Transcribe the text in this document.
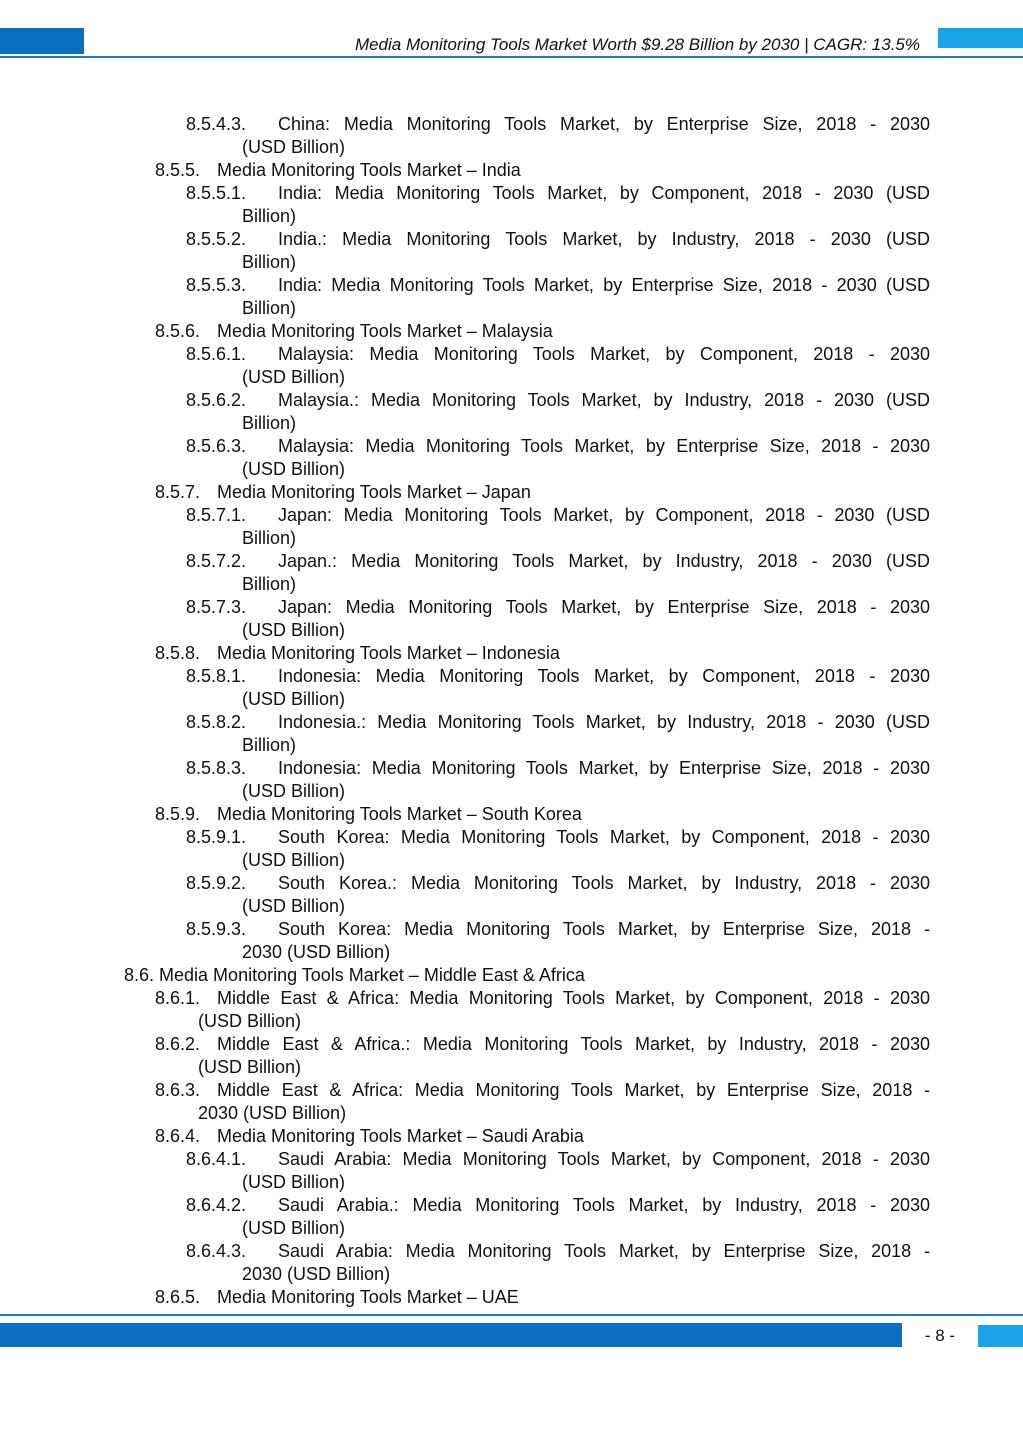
Media Monitoring Tools Market Worth $9.28 Billion by 2030 | CAGR: 13.5%
8.5.4.3.	China: Media Monitoring Tools Market, by Enterprise Size, 2018 - 2030
(USD Billion)
8.5.5. Media Monitoring Tools Market – India
8.5.5.1.	India: Media Monitoring Tools Market, by Component, 2018 - 2030 (USD
Billion)
8.5.5.2.	India.: Media Monitoring Tools Market, by Industry, 2018 - 2030 (USD
Billion)
8.5.5.3.	India: Media Monitoring Tools Market, by Enterprise Size, 2018 - 2030 (USD
Billion)
8.5.6. Media Monitoring Tools Market – Malaysia
8.5.6.1.	Malaysia: Media Monitoring Tools Market, by Component, 2018 - 2030
(USD Billion)
8.5.6.2.	Malaysia.: Media Monitoring Tools Market, by Industry, 2018 - 2030 (USD
Billion)
8.5.6.3.	Malaysia: Media Monitoring Tools Market, by Enterprise Size, 2018 - 2030
(USD Billion)
8.5.7. Media Monitoring Tools Market – Japan
8.5.7.1.	Japan: Media Monitoring Tools Market, by Component, 2018 - 2030 (USD
Billion)
8.5.7.2.	Japan.: Media Monitoring Tools Market, by Industry, 2018 - 2030 (USD
Billion)
8.5.7.3.	Japan: Media Monitoring Tools Market, by Enterprise Size, 2018 - 2030
(USD Billion)
8.5.8. Media Monitoring Tools Market – Indonesia
8.5.8.1.	Indonesia: Media Monitoring Tools Market, by Component, 2018 - 2030
(USD Billion)
8.5.8.2.	Indonesia.: Media Monitoring Tools Market, by Industry, 2018 - 2030 (USD
Billion)
8.5.8.3.	Indonesia: Media Monitoring Tools Market, by Enterprise Size, 2018 - 2030
(USD Billion)
8.5.9. Media Monitoring Tools Market – South Korea
8.5.9.1.	South Korea: Media Monitoring Tools Market, by Component, 2018 - 2030
(USD Billion)
8.5.9.2.	South Korea.: Media Monitoring Tools Market, by Industry, 2018 - 2030
(USD Billion)
8.5.9.3.	South Korea: Media Monitoring Tools Market, by Enterprise Size, 2018 -
2030 (USD Billion)
8.6. Media Monitoring Tools Market – Middle East & Africa
8.6.1. Middle East & Africa: Media Monitoring Tools Market, by Component, 2018 - 2030
(USD Billion)
8.6.2. Middle East & Africa.: Media Monitoring Tools Market, by Industry, 2018 - 2030
(USD Billion)
8.6.3. Middle East & Africa: Media Monitoring Tools Market, by Enterprise Size, 2018 -
2030 (USD Billion)
8.6.4. Media Monitoring Tools Market – Saudi Arabia
8.6.4.1.	Saudi Arabia: Media Monitoring Tools Market, by Component, 2018 - 2030
(USD Billion)
8.6.4.2.	Saudi Arabia.: Media Monitoring Tools Market, by Industry, 2018 - 2030
(USD Billion)
8.6.4.3.	Saudi Arabia: Media Monitoring Tools Market, by Enterprise Size, 2018 -
2030 (USD Billion)
8.6.5. Media Monitoring Tools Market – UAE
- 8 -
